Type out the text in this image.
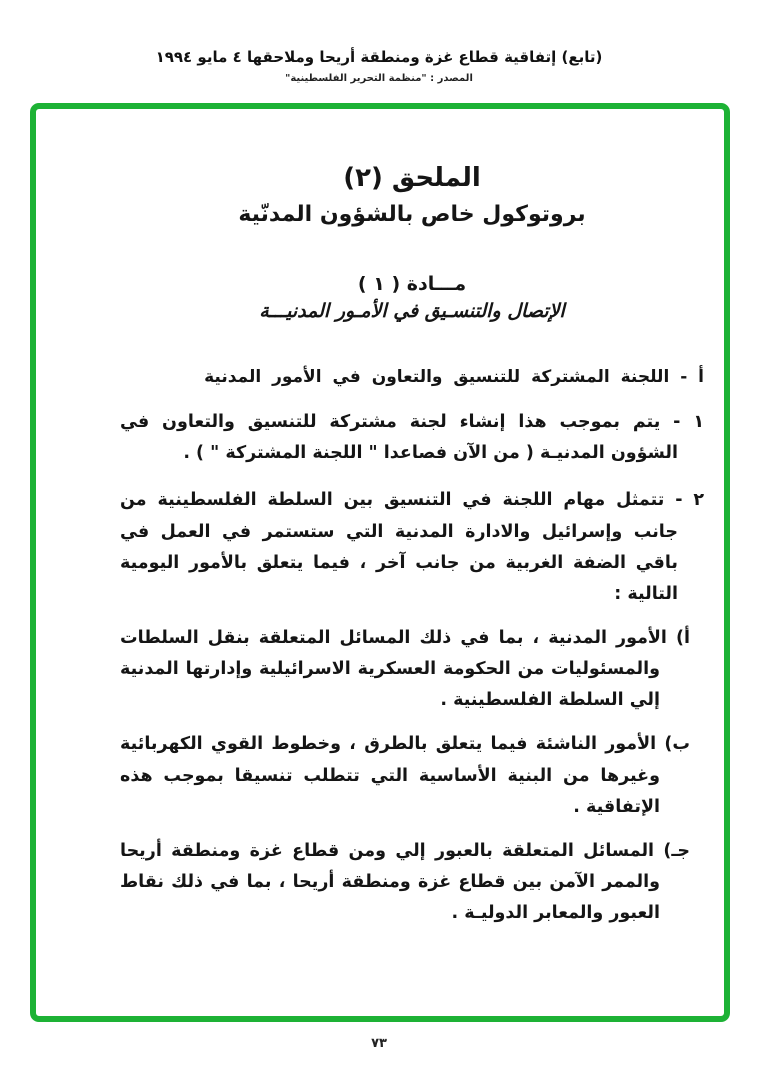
(تابع) إتفاقية قطاع غزة ومنطقة أريحا وملاحقها ٤ مايو ١٩٩٤
المصدر : "منظمة التحرير الفلسطينية"
الملحق (٢)
بروتوكول خاص بالشؤون المدنّية
مـــادة ( ١ )
الإتصال والتنسـيق في الأمـور المدنيـــة
أ - اللجنة المشتركة للتنسيق والتعاون في الأمور المدنية

١ - يتم بموجب هذا إنشاء لجنة مشتركة للتنسيق والتعاون في الشؤون المدنيـة ( من الآن فصاعدا " اللجنة المشتركة " ) .

٢ - تتمثل مهام اللجنة في التنسيق بين السلطة الفلسطينية من جانب وإسرائيل والادارة المدنية التي ستستمر في العمل في باقي الضفة الغربية من جانب آخر ، فيما يتعلق بالأمور اليومية التالية :

أ) الأمور المدنية ، بما في ذلك المسائل المتعلقة بنقل السلطات والمسئوليات من الحكومة العسكرية الاسرائيلية وإدارتها المدنية إلي السلطة الفلسطينية .

ب) الأمور الناشئة فيما يتعلق بالطرق ، وخطوط القوي الكهربائية وغيرها من البنية الأساسية التي تتطلب تنسيقا بموجب هذه الإتفاقية .

جـ) المسائل المتعلقة بالعبور إلي ومن قطاع غزة ومنطقة أريحا والممر الآمن بين قطاع غزة ومنطقة أريحا ، بما في ذلك نقاط العبور والمعابر الدوليـة .

٧٣
